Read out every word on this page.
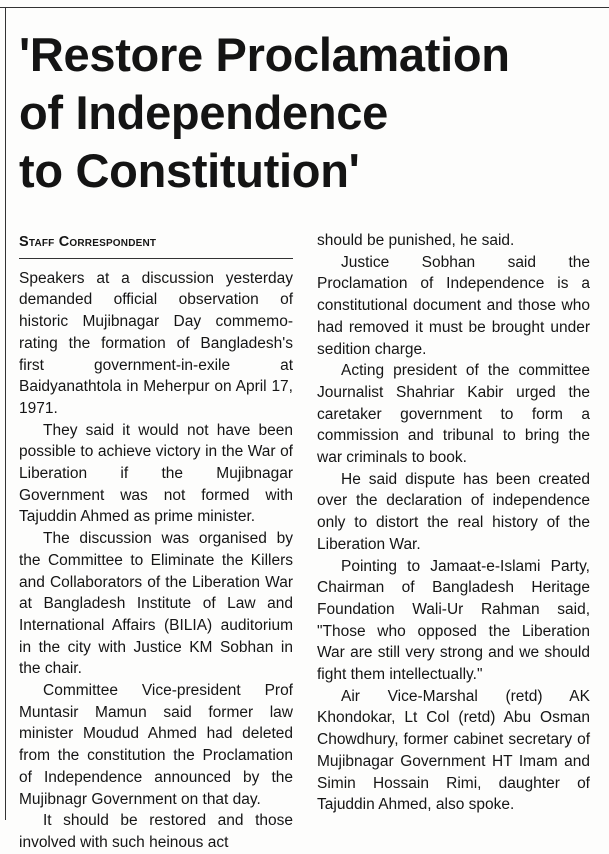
'Restore Proclamation
of Independence
to Constitution'
Staff Correspondent

Speakers at a discussion yesterday demanded official observation of historic Mujibnagar Day commemo-rating the formation of Bangladesh's first government-in-exile at Baidyanathtola in Meherpur on April 17, 1971.

They said it would not have been possible to achieve victory in the War of Liberation if the Mujibnagar Government was not formed with Tajuddin Ahmed as prime minister.

The discussion was organised by the Committee to Eliminate the Killers and Collaborators of the Liberation War at Bangladesh Institute of Law and International Affairs (BILIA) auditorium in the city with Justice KM Sobhan in the chair.

Committee Vice-president Prof Muntasir Mamun said former law minister Moudud Ahmed had deleted from the constitution the Proclamation of Independence announced by the Mujibnagr Government on that day.

It should be restored and those involved with such heinous act

should be punished, he said.

Justice Sobhan said the Proclamation of Independence is a constitutional document and those who had removed it must be brought under sedition charge.

Acting president of the committee Journalist Shahriar Kabir urged the caretaker government to form a commission and tribunal to bring the war criminals to book.

He said dispute has been created over the declaration of independence only to distort the real history of the Liberation War.

Pointing to Jamaat-e-Islami Party, Chairman of Bangladesh Heritage Foundation Wali-Ur Rahman said, "Those who opposed the Liberation War are still very strong and we should fight them intellectually."

Air Vice-Marshal (retd) AK Khondokar, Lt Col (retd) Abu Osman Chowdhury, former cabinet secretary of Mujibnagar Government HT Imam and Simin Hossain Rimi, daughter of Tajuddin Ahmed, also spoke.
